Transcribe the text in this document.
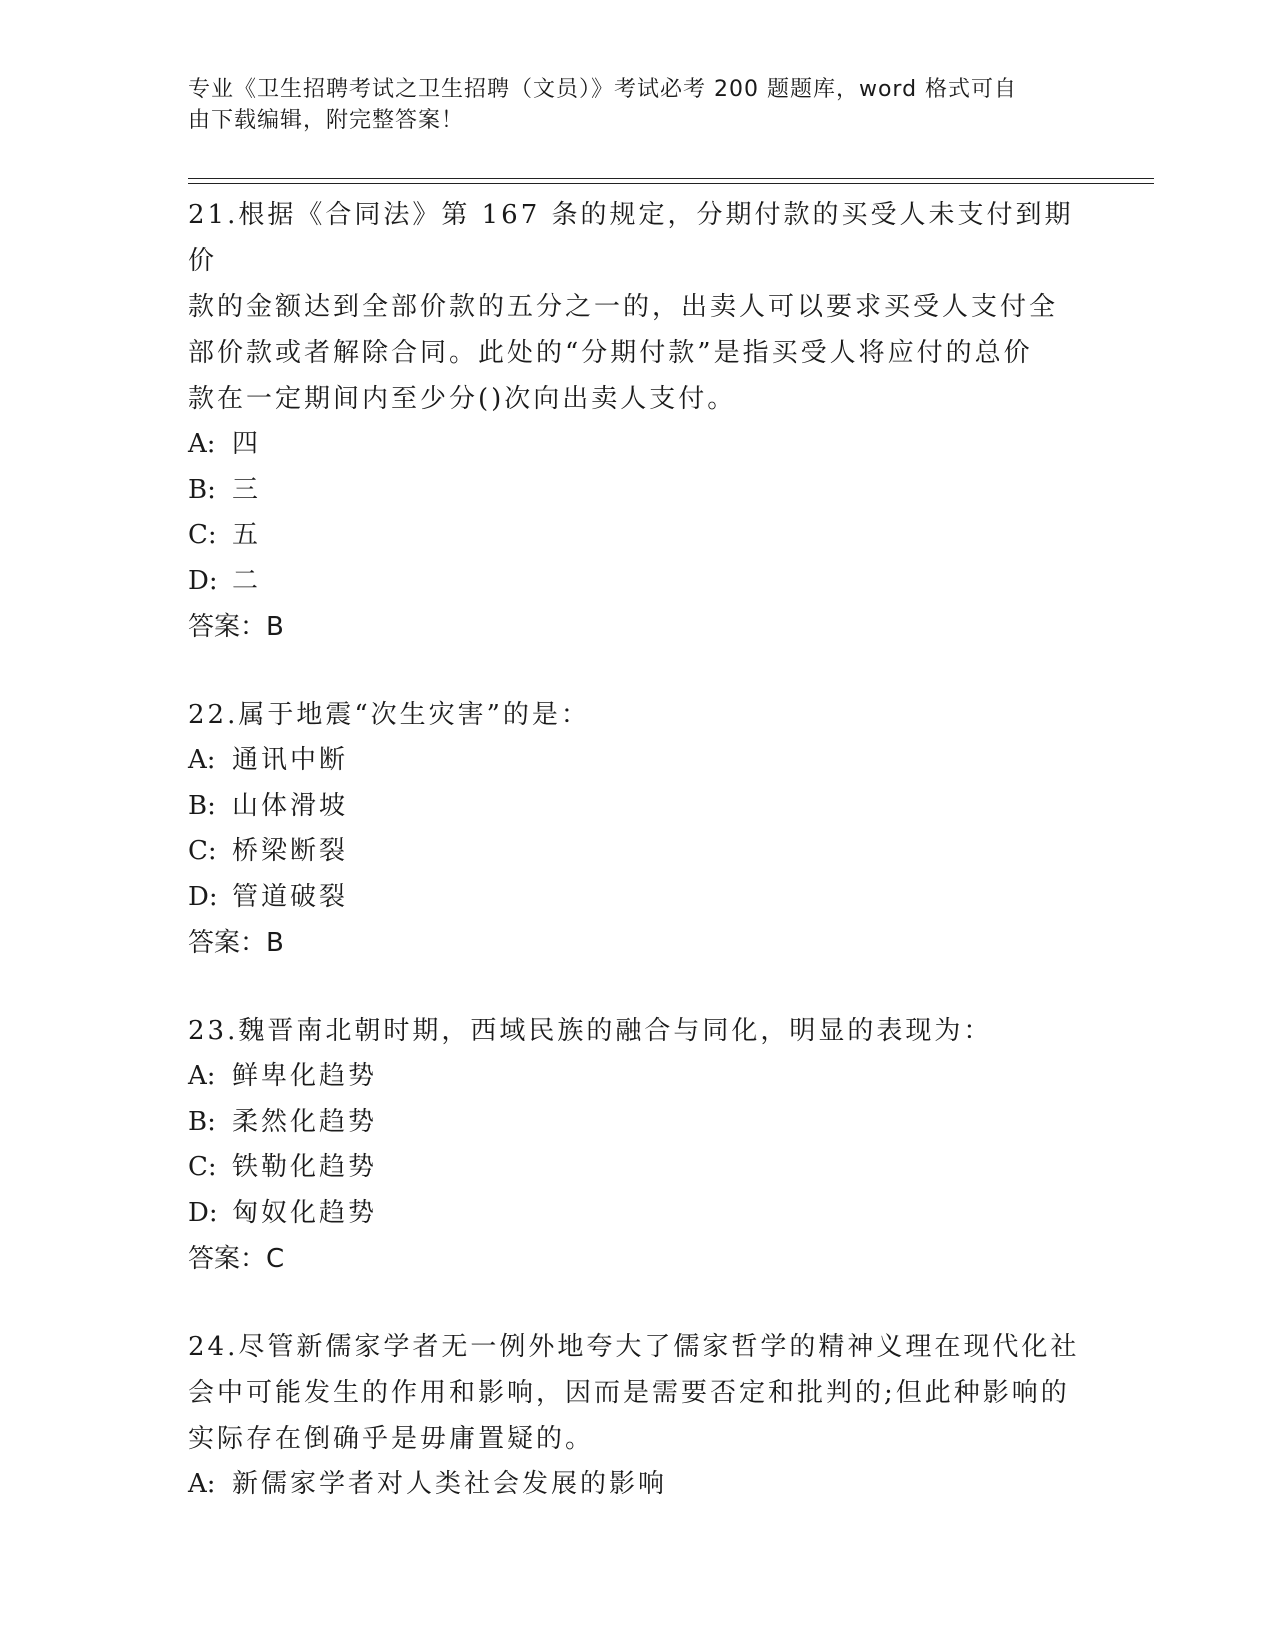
专业《卫生招聘考试之卫生招聘（文员）》考试必考 200 题题库，word 格式可自
由下载编辑，附完整答案！

21.根据《合同法》第 167 条的规定，分期付款的买受人未支付到期价

款的金额达到全部价款的五分之一的，出卖人可以要求买受人支付全

部价款或者解除合同。此处的“分期付款”是指买受人将应付的总价

款在一定期间内至少分()次向出卖人支付。

A: 四

B: 三

C: 五

D: 二

答案：B

22.属于地震“次生灾害”的是：

A: 通讯中断

B: 山体滑坡

C: 桥梁断裂

D: 管道破裂

答案：B

23.魏晋南北朝时期，西域民族的融合与同化，明显的表现为：

A: 鲜卑化趋势

B: 柔然化趋势

C: 铁勒化趋势

D: 匈奴化趋势

答案：C

24.尽管新儒家学者无一例外地夸大了儒家哲学的精神义理在现代化社

会中可能发生的作用和影响，因而是需要否定和批判的;但此种影响的

实际存在倒确乎是毋庸置疑的。

A: 新儒家学者对人类社会发展的影响
